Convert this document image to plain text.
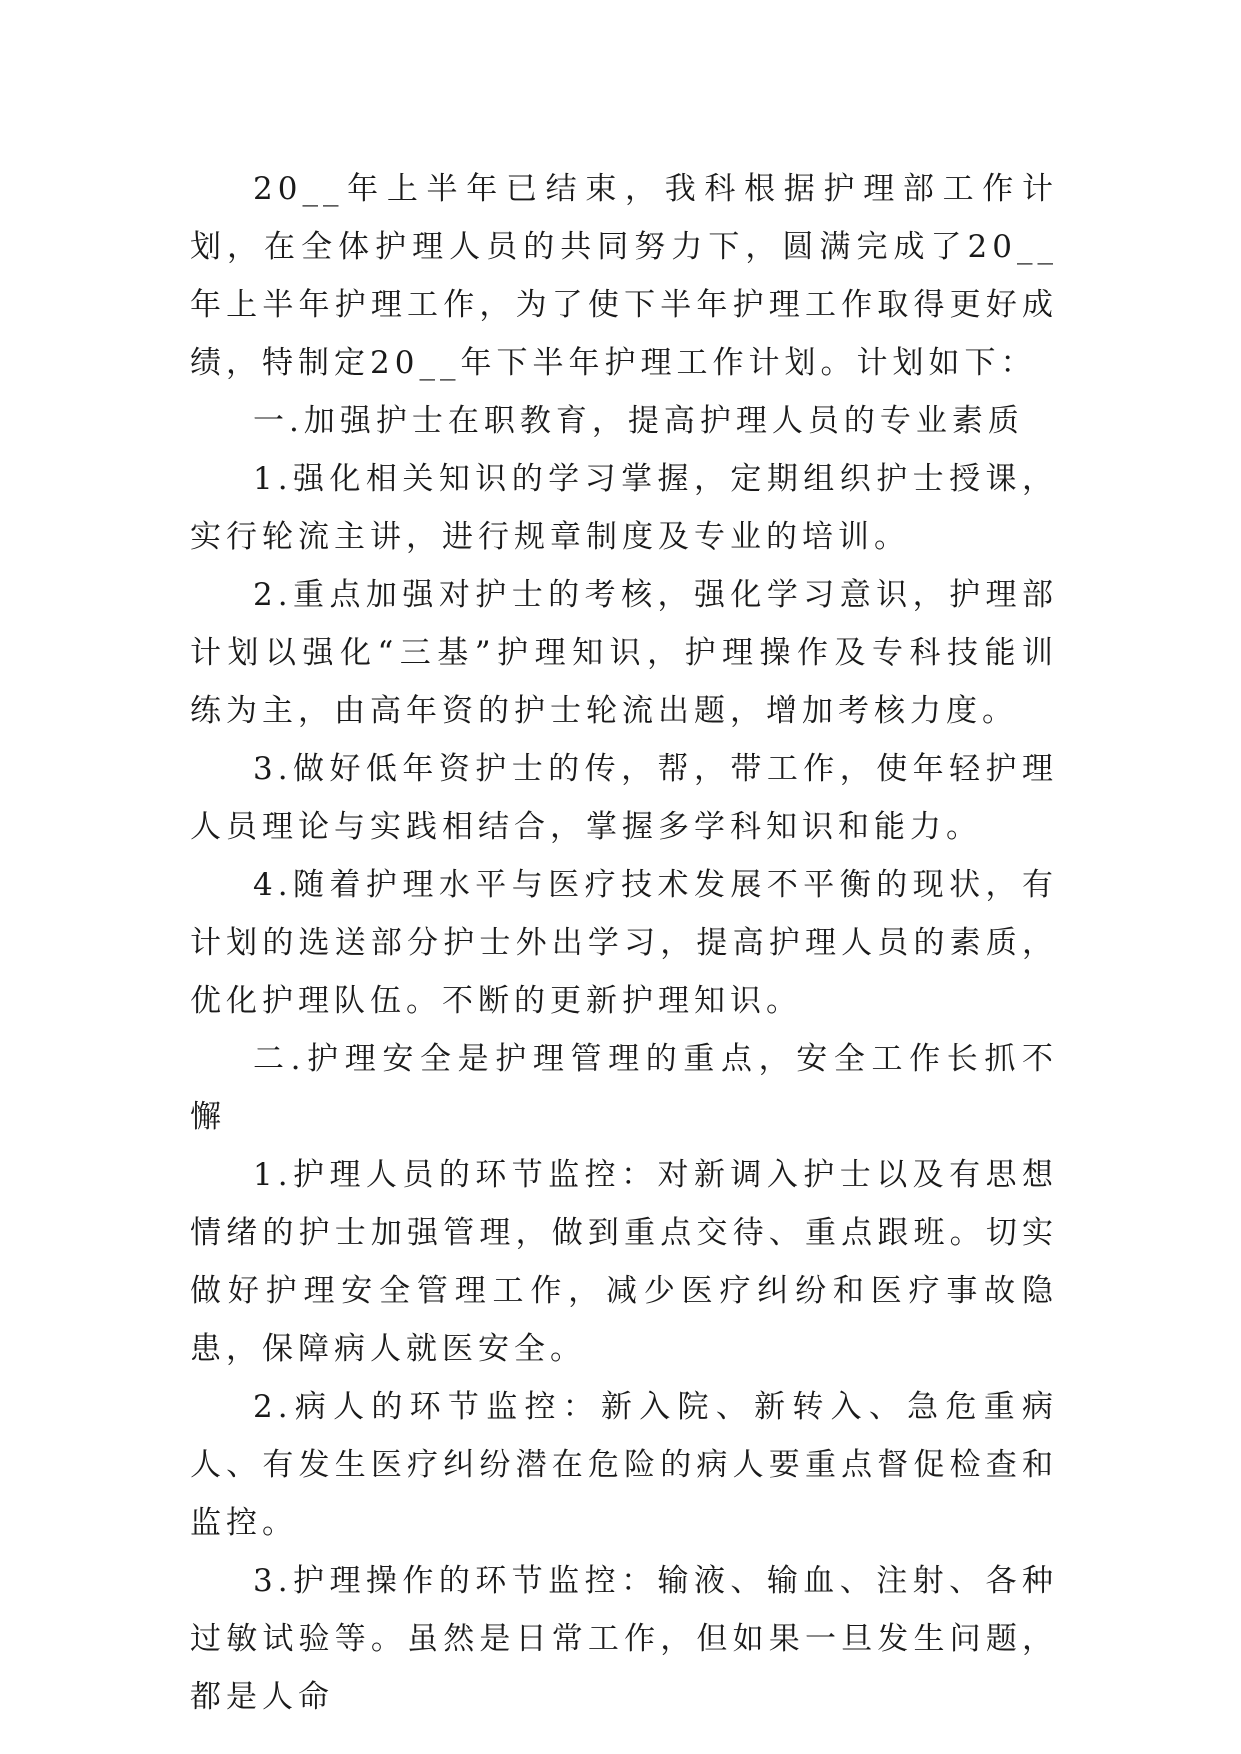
20__年上半年已结束，我科根据护理部工作计划，在全体护理人员的共同努力下，圆满完成了20__年上半年护理工作，为了使下半年护理工作取得更好成绩，特制定20__年下半年护理工作计划。计划如下：

一.加强护士在职教育，提高护理人员的专业素质

1.强化相关知识的学习掌握，定期组织护士授课，实行轮流主讲，进行规章制度及专业的培训。

2.重点加强对护士的考核，强化学习意识，护理部计划以强化“三基”护理知识，护理操作及专科技能训练为主，由高年资的护士轮流出题，增加考核力度。

3.做好低年资护士的传，帮，带工作，使年轻护理人员理论与实践相结合，掌握多学科知识和能力。

4.随着护理水平与医疗技术发展不平衡的现状，有计划的选送部分护士外出学习，提高护理人员的素质，优化护理队伍。不断的更新护理知识。

二.护理安全是护理管理的重点，安全工作长抓不懈

1.护理人员的环节监控：对新调入护士以及有思想情绪的护士加强管理，做到重点交待、重点跟班。切实做好护理安全管理工作，减少医疗纠纷和医疗事故隐患，保障病人就医安全。

2.病人的环节监控：新入院、新转入、急危重病人、有发生医疗纠纷潜在危险的病人要重点督促检查和监控。

3.护理操作的环节监控：输液、输血、注射、各种过敏试验等。虽然是日常工作，但如果一旦发生问题，都是人命
